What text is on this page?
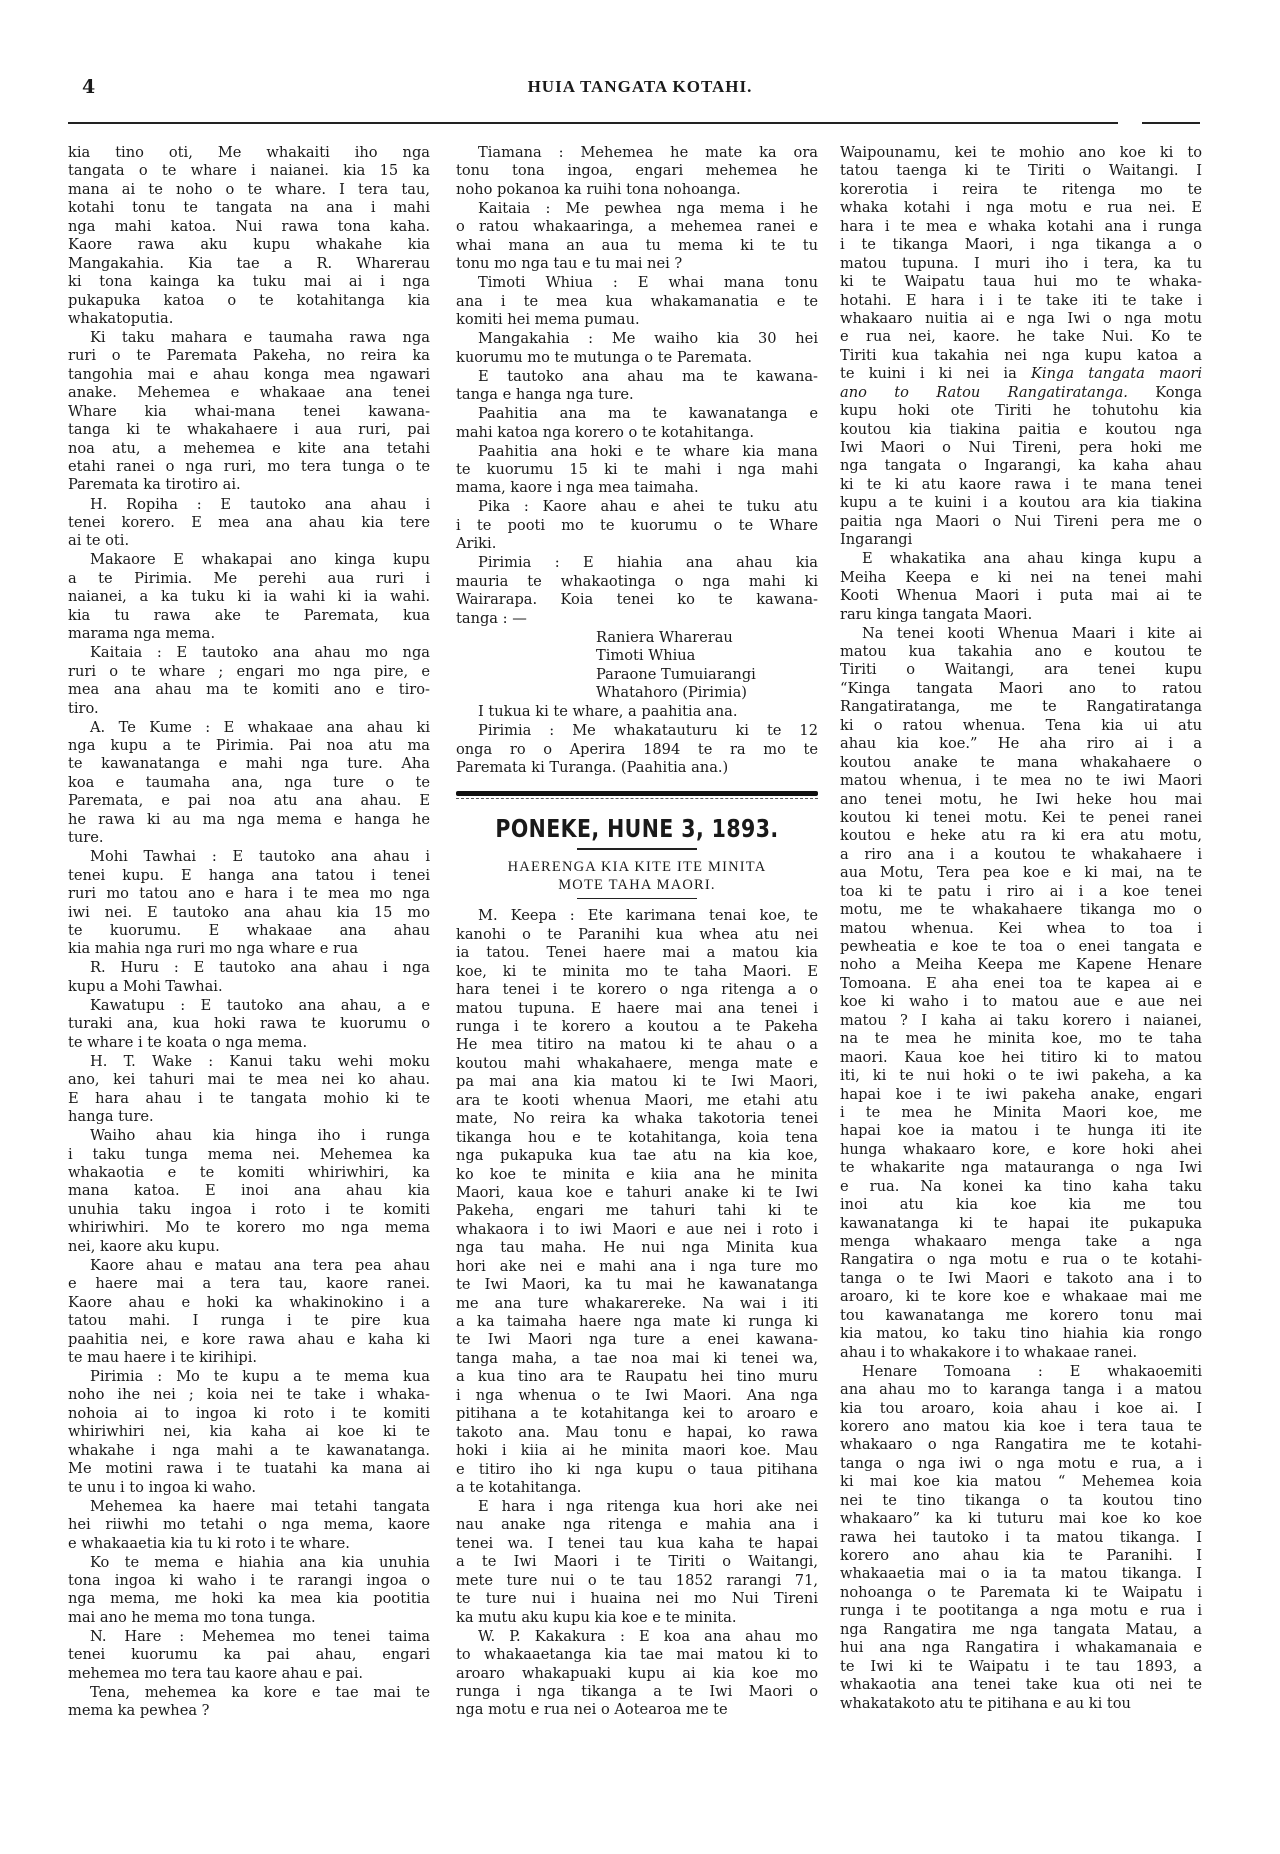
4	HUIA TANGATA KOTAHI.
kia tino oti, Me whakaiti iho nga
tangata o te whare i naianei. kia 15 ka
mana ai te noho o te whare. I tera tau,
kotahi tonu te tangata na ana i mahi
nga mahi katoa. Nui rawa tona kaha.
Kaore rawa aku kupu whakahe kia
Mangakahia. Kia tae a R. Wharerau
ki tona kainga ka tuku mai ai i nga
pukapuka katoa o te kotahitanga kia
whakatoputia.
Ki taku mahara e taumaha rawa nga
ruri o te Paremata Pakeha, no reira ka
tangohia mai e ahau konga mea ngawari
anake. Mehemea e whakaae ana tenei
Whare kia whai-mana tenei kawana-
tanga ki te whakahaere i aua ruri, pai
noa atu, a mehemea e kite ana tetahi
etahi ranei o nga ruri, mo tera tunga o te
Paremata ka tirotiro ai.
H. Ropiha : E tautoko ana ahau i
tenei korero. E mea ana ahau kia tere
ai te oti.
Makaore E whakapai ano kinga kupu
a te Pirimia. Me perehi aua ruri i
naianei, a ka tuku ki ia wahi ki ia wahi.
kia tu rawa ake te Paremata, kua
marama nga mema.
Kaitaia : E tautoko ana ahau mo nga
ruri o te whare ; engari mo nga pire, e
mea ana ahau ma te komiti ano e tiro-
tiro.
A. Te Kume : E whakaae ana ahau ki
nga kupu a te Pirimia. Pai noa atu ma
te kawanatanga e mahi nga ture. Aha
koa e taumaha ana, nga ture o te
Paremata, e pai noa atu ana ahau. E
he rawa ki au ma nga mema e hanga he
ture.
Mohi Tawhai : E tautoko ana ahau i
tenei kupu. E hanga ana tatou i tenei
ruri mo tatou ano e hara i te mea mo nga
iwi nei. E tautoko ana ahau kia 15 mo
te kuorumu. E whakaae ana ahau
kia mahia nga ruri mo nga whare e rua
R. Huru : E tautoko ana ahau i nga
kupu a Mohi Tawhai.
Kawatupu : E tautoko ana ahau, a e
turaki ana, kua hoki rawa te kuorumu o
te whare i te koata o nga mema.
H. T. Wake : Kanui taku wehi moku
ano, kei tahuri mai te mea nei ko ahau.
E hara ahau i te tangata mohio ki te
hanga ture.
Waiho ahau kia hinga iho i runga
i taku tunga mema nei. Mehemea ka
whakaotia e te komiti whiriwhiri, ka
mana katoa. E inoi ana ahau kia
unuhia taku ingoa i roto i te komiti
whiriwhiri. Mo te korero mo nga mema
nei, kaore aku kupu.
Kaore ahau e matau ana tera pea ahau
e haere mai a tera tau, kaore ranei.
Kaore ahau e hoki ka whakinokino i a
tatou mahi. I runga i te pire kua
paahitia nei, e kore rawa ahau e kaha ki
te mau haere i te kirihipi.
Pirimia : Mo te kupu a te mema kua
noho ihe nei ; koia nei te take i whaka-
nohoia ai to ingoa ki roto i te komiti
whiriwhiri nei, kia kaha ai koe ki te
whakahe i nga mahi a te kawanatanga.
Me motini rawa i te tuatahi ka mana ai
te unu i to ingoa ki waho.
Mehemea ka haere mai tetahi tangata
hei riiwhi mo tetahi o nga mema, kaore
e whakaaetia kia tu ki roto i te whare.
Ko te mema e hiahia ana kia unuhia
tona ingoa ki waho i te rarangi ingoa o
nga mema, me hoki ka mea kia pootitia
mai ano he mema mo tona tunga.
N. Hare : Mehemea mo tenei taima
tenei kuorumu ka pai ahau, engari
mehemea mo tera tau kaore ahau e pai.
Tena, mehemea ka kore e tae mai te
mema ka pewhea ?
Tiamana : Mehemea he mate ka ora
tonu tona ingoa, engari mehemea he
noho pokanoa ka ruihi tona nohoanga.
Kaitaia : Me pewhea nga mema i he
o ratou whakaaringa, a mehemea ranei e
whai mana an aua tu mema ki te tu
tonu mo nga tau e tu mai nei ?
Timoti Whiua : E whai mana tonu
ana i te mea kua whakamanatia e te
komiti hei mema pumau.
Mangakahia : Me waiho kia 30 hei
kuorumu mo te mutunga o te Paremata.
E tautoko ana ahau ma te kawana-
tanga e hanga nga ture.
Paahitia ana ma te kawanatanga e
mahi katoa nga korero o te kotahitanga.
Paahitia ana hoki e te whare kia mana
te kuorumu 15 ki te mahi i nga mahi
mama, kaore i nga mea taimaha.
Pika : Kaore ahau e ahei te tuku atu
i te pooti mo te kuorumu o te Whare
Ariki.
Pirimia : E hiahia ana ahau kia
mauria te whakaotinga o nga mahi ki
Wairarapa. Koia tenei ko te kawana-
tanga : —
Raniera Wharerau
Timoti Whiua
Paraone Tumuiarangi
Whatahoro (Pirimia)
I tukua ki te whare, a paahitia ana.
Pirimia : Me whakatauturu ki te 12
onga ro o Aperira 1894 te ra mo te
Paremata ki Turanga. (Paahitia ana.)
PONEKE, HUNE 3, 1893.
HAERENGA KIA KITE ITE MINITA
MOTE TAHA MAORI.
M. Keepa : Ete karimana tenai koe, te
kanohi o te Paranihi kua whea atu nei
ia tatou. Tenei haere mai a matou kia
koe, ki te minita mo te taha Maori. E
hara tenei i te korero o nga ritenga a o
matou tupuna. E haere mai ana tenei i
runga i te korero a koutou a te Pakeha
He mea titiro na matou ki te ahau o a
koutou mahi whakahaere, menga mate e
pa mai ana kia matou ki te Iwi Maori,
ara te kooti whenua Maori, me etahi atu
mate, No reira ka whaka takotoria tenei
tikanga hou e te kotahitanga, koia tena
nga pukapuka kua tae atu na kia koe,
ko koe te minita e kiia ana he minita
Maori, kaua koe e tahuri anake ki te Iwi
Pakeha, engari me tahuri tahi ki te
whakaora i to iwi Maori e aue nei i roto i
nga tau maha. He nui nga Minita kua
hori ake nei e mahi ana i nga ture mo
te Iwi Maori, ka tu mai he kawanatanga
me ana ture whakarereke. Na wai i iti
a ka taimaha haere nga mate ki runga ki
te Iwi Maori nga ture a enei kawana-
tanga maha, a tae noa mai ki tenei wa,
a kua tino ara te Raupatu hei tino muru
i nga whenua o te Iwi Maori. Ana nga
pitihana a te kotahitanga kei to aroaro e
takoto ana. Mau tonu e hapai, ko rawa
hoki i kiia ai he minita maori koe. Mau
e titiro iho ki nga kupu o taua pitihana
a te kotahitanga.
E hara i nga ritenga kua hori ake nei
nau anake nga ritenga e mahia ana i
tenei wa. I tenei tau kua kaha te hapai
a te Iwi Maori i te Tiriti o Waitangi,
mete ture nui o te tau 1852 rarangi 71,
te ture nui i huaina nei mo Nui Tireni
ka mutu aku kupu kia koe e te minita.
W. P. Kakakura : E koa ana ahau mo
to whakaaetanga kia tae mai matou ki to
aroaro whakapuaki kupu ai kia koe mo
runga i nga tikanga a te Iwi Maori o
nga motu e rua nei o Aotearoa me te
Waipounamu, kei te mohio ano koe ki to
tatou taenga ki te Tiriti o Waitangi. I
korerotia i reira te ritenga mo te
whaka kotahi i nga motu e rua nei. E
hara i te mea e whaka kotahi ana i runga
i te tikanga Maori, i nga tikanga a o
matou tupuna. I muri iho i tera, ka tu
ki te Waipatu taua hui mo te whaka-
hotahi. E hara i i te take iti te take i
whakaaro nuitia ai e nga Iwi o nga motu
e rua nei, kaore. he take Nui. Ko te
Tiriti kua takahia nei nga kupu katoa a
te kuini i ki nei ia Kinga tangata maori
ano to Ratou Rangatiratanga. Konga
kupu hoki ote Tiriti he tohutohu kia
koutou kia tiakina paitia e koutou nga
Iwi Maori o Nui Tireni, pera hoki me
nga tangata o Ingarangi, ka kaha ahau
ki te ki atu kaore rawa i te mana tenei
kupu a te kuini i a koutou ara kia tiakina
paitia nga Maori o Nui Tireni pera me o
Ingarangi
E whakatika ana ahau kinga kupu a
Meiha Keepa e ki nei na tenei mahi
Kooti Whenua Maori i puta mai ai te
raru kinga tangata Maori.
Na tenei kooti Whenua Maari i kite ai
matou kua takahia ano e koutou te
Tiriti o Waitangi, ara tenei kupu
“Kinga tangata Maori ano to ratou
Rangatiratanga, me te Rangatiratanga
ki o ratou whenua. Tena kia ui atu
ahau kia koe.” He aha riro ai i a
koutou anake te mana whakahaere o
matou whenua, i te mea no te iwi Maori
ano tenei motu, he Iwi heke hou mai
koutou ki tenei motu. Kei te penei ranei
koutou e heke atu ra ki era atu motu,
a riro ana i a koutou te whakahaere i
aua Motu, Tera pea koe e ki mai, na te
toa ki te patu i riro ai i a koe tenei
motu, me te whakahaere tikanga mo o
matou whenua. Kei whea to toa i
pewheatia e koe te toa o enei tangata e
noho a Meiha Keepa me Kapene Henare
Tomoana. E aha enei toa te kapea ai e
koe ki waho i to matou aue e aue nei
matou ? I kaha ai taku korero i naianei,
na te mea he minita koe, mo te taha
maori. Kaua koe hei titiro ki to matou
iti, ki te nui hoki o te iwi pakeha, a ka
hapai koe i te iwi pakeha anake, engari
i te mea he Minita Maori koe, me
hapai koe ia matou i te hunga iti ite
hunga whakaaro kore, e kore hoki ahei
te whakarite nga matauranga o nga Iwi
e rua. Na konei ka tino kaha taku
inoi atu kia koe kia me tou
kawanatanga ki te hapai ite pukapuka
menga whakaaro menga take a nga
Rangatira o nga motu e rua o te kotahi-
tanga o te Iwi Maori e takoto ana i to
aroaro, ki te kore koe e whakaae mai me
tou kawanatanga me korero tonu mai
kia matou, ko taku tino hiahia kia rongo
ahau i to whakakore i to whakaae ranei.
Henare Tomoana : E whakaoemiti
ana ahau mo to karanga tanga i a matou
kia tou aroaro, koia ahau i koe ai. I
korero ano matou kia koe i tera taua te
whakaaro o nga Rangatira me te kotahi-
tanga o nga iwi o nga motu e rua, a i
ki mai koe kia matou “ Mehemea koia
nei te tino tikanga o ta koutou tino
whakaaro” ka ki tuturu mai koe ko koe
rawa hei tautoko i ta matou tikanga. I
korero ano ahau kia te Paranihi. I
whakaaetia mai o ia ta matou tikanga. I
nohoanga o te Paremata ki te Waipatu i
runga i te pootitanga a nga motu e rua i
nga Rangatira me nga tangata Matau, a
hui ana nga Rangatira i whakamanaia e
te Iwi ki te Waipatu i te tau 1893, a
whakaotia ana tenei take kua oti nei te
whakatakoto atu te pitihana e au ki tou
